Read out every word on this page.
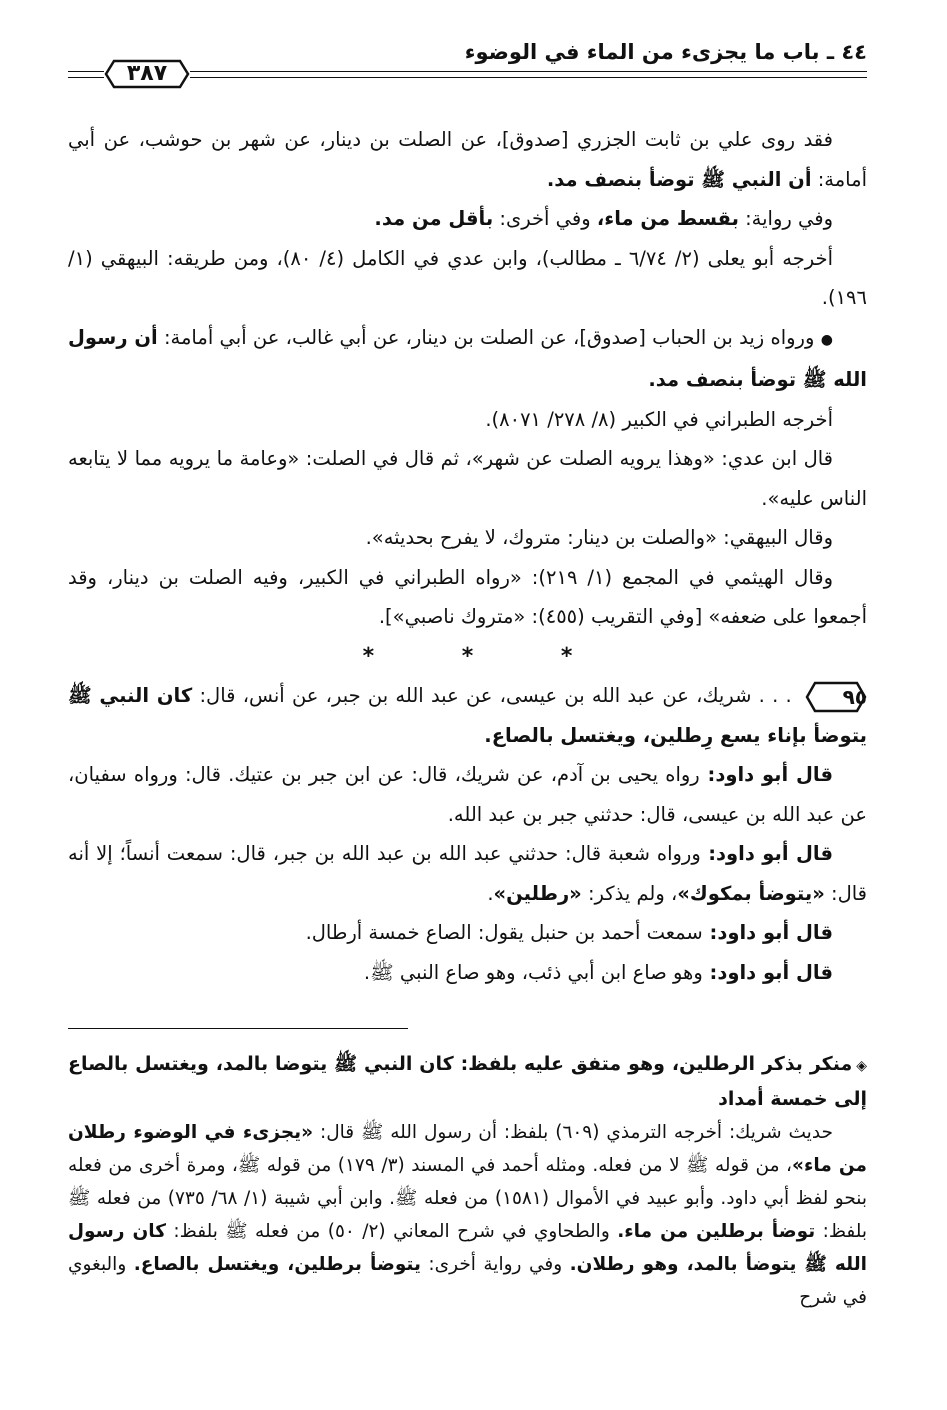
٤٤ ـ باب ما يجزىء من الماء في الوضوء
٣٨٧

فقد روى علي بن ثابت الجزري [صدوق]، عن الصلت بن دينار، عن شهر بن حوشب، عن أبي أمامة: أن النبي ﷺ توضأ بنصف مد.

وفي رواية: بقسط من ماء، وفي أخرى: بأقل من مد.

أخرجه أبو يعلى (٢/ ٦/٧٤ ـ مطالب)، وابن عدي في الكامل (٤/ ٨٠)، ومن طريقه: البيهقي (١/ ١٩٦).

● ورواه زيد بن الحباب [صدوق]، عن الصلت بن دينار، عن أبي غالب، عن أبي أمامة: أن رسول الله ﷺ توضأ بنصف مد.

أخرجه الطبراني في الكبير (٨/ ٢٧٨/ ٨٠٧١).

قال ابن عدي: «وهذا يرويه الصلت عن شهر»، ثم قال في الصلت: «وعامة ما يرويه مما لا يتابعه الناس عليه».

وقال البيهقي: «والصلت بن دينار: متروك، لا يفرح بحديثه».

وقال الهيثمي في المجمع (١/ ٢١٩): «رواه الطبراني في الكبير، وفيه الصلت بن دينار، وقد أجمعوا على ضعفه» [وفي التقريب (٤٥٥): «متروك ناصبي»].

* * *

٩٥ . . . شريك، عن عبد الله بن عيسى، عن عبد الله بن جبر، عن أنس، قال: كان النبي ﷺ يتوضأ بإناء يسع رِطلين، ويغتسل بالصاع.

قال أبو داود: رواه يحيى بن آدم، عن شريك، قال: عن ابن جبر بن عتيك. قال: ورواه سفيان، عن عبد الله بن عيسى، قال: حدثني جبر بن عبد الله.

قال أبو داود: ورواه شعبة قال: حدثني عبد الله بن عبد الله بن جبر، قال: سمعت أنساً؛ إلا أنه قال: «يتوضأ بمكوك»، ولم يذكر: «رطلين».

قال أبو داود: سمعت أحمد بن حنبل يقول: الصاع خمسة أرطال.

قال أبو داود: وهو صاع ابن أبي ذئب، وهو صاع النبي ﷺ.

◈منكر بذكر الرطلين، وهو متفق عليه بلفظ: كان النبي ﷺ يتوضا بالمد، ويغتسل بالصاع إلى خمسة أمداد

حديث شريك: أخرجه الترمذي (٦٠٩) بلفظ: أن رسول الله ﷺ قال: «يجزىء في الوضوء رطلان من ماء»، من قوله ﷺ لا من فعله. ومثله أحمد في المسند (٣/ ١٧٩) من قوله ﷺ، ومرة أخرى من فعله بنحو لفظ أبي داود. وأبو عبيد في الأموال (١٥٨١) من فعله ﷺ. وابن أبي شيبة (١/ ٦٨/ ٧٣٥) من فعله ﷺ بلفظ: توضأ برطلين من ماء. والطحاوي في شرح المعاني (٢/ ٥٠) من فعله ﷺ بلفظ: كان رسول الله ﷺ يتوضأ بالمد، وهو رطلان. وفي رواية أخرى: يتوضأ برطلين، ويغتسل بالصاع. والبغوي في شرح
